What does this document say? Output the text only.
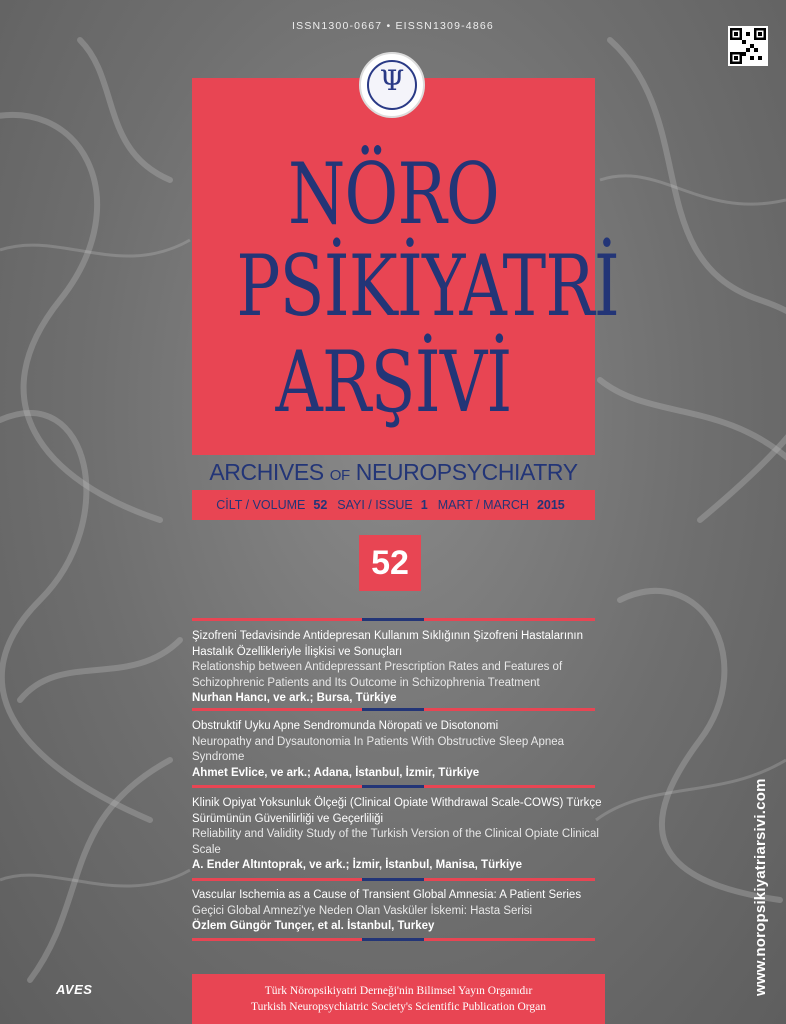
ISSN1300-0667 • EISSN1309-4866
NÖRO
PSİKİYATRİ
ARŞİVİ
Ψ
ARCHIVES OF NEUROPSYCHIATRY
CİLT / VOLUME 52 SAYI / ISSUE 1 MART / MARCH 2015
52
Şizofreni Tedavisinde Antidepresan Kullanım Sıklığının Şizofreni Hastalarının Hastalık Özellikleriyle İlişkisi ve Sonuçları
Relationship between Antidepressant Prescription Rates and Features of Schizophrenic Patients and Its Outcome in Schizophrenia Treatment
Nurhan Hancı, ve ark.; Bursa, Türkiye
Obstruktif Uyku Apne Sendromunda Nöropati ve Disotonomi
Neuropathy and Dysautonomia In Patients With Obstructive Sleep Apnea Syndrome
Ahmet Evlice, ve ark.; Adana, İstanbul, İzmir, Türkiye
Klinik Opiyat Yoksunluk Ölçeği (Clinical Opiate Withdrawal Scale-COWS) Türkçe Sürümünün Güvenilirliği ve Geçerliliği
Reliability and Validity Study of the Turkish Version of the Clinical Opiate Clinical Scale
A. Ender Altıntoprak, ve ark.; İzmir, İstanbul, Manisa, Türkiye
Vascular Ischemia as a Cause of Transient Global Amnesia: A Patient Series
Geçici Global Amnezi'ye Neden Olan Vasküler İskemi: Hasta Serisi
Özlem Güngör Tunçer, et al. İstanbul, Turkey	www.noropsikiyatriarsivi.com
AVES	Türk Nöropsikiyatri Derneği'nin Bilimsel Yayın Organıdır
Turkish Neuropsychiatric Society's Scientific Publication Organ
